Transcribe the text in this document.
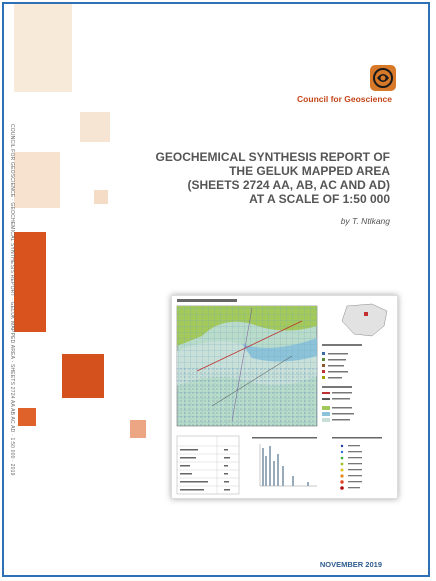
COUNCIL FOR GEOSCIENCE · GEOCHEMICAL SYNTHESIS REPORT · GELUK MAPPED AREA · SHEETS 2724 AA AB AC AD · 1:50 000 · 2019
Council for Geoscience
GEOCHEMICAL SYNTHESIS REPORT OF
THE GELUK MAPPED AREA
(SHEETS 2724 AA, AB, AC AND AD)
AT A SCALE OF 1:50 000
by T. Ntlkang
NOVEMBER 2019
